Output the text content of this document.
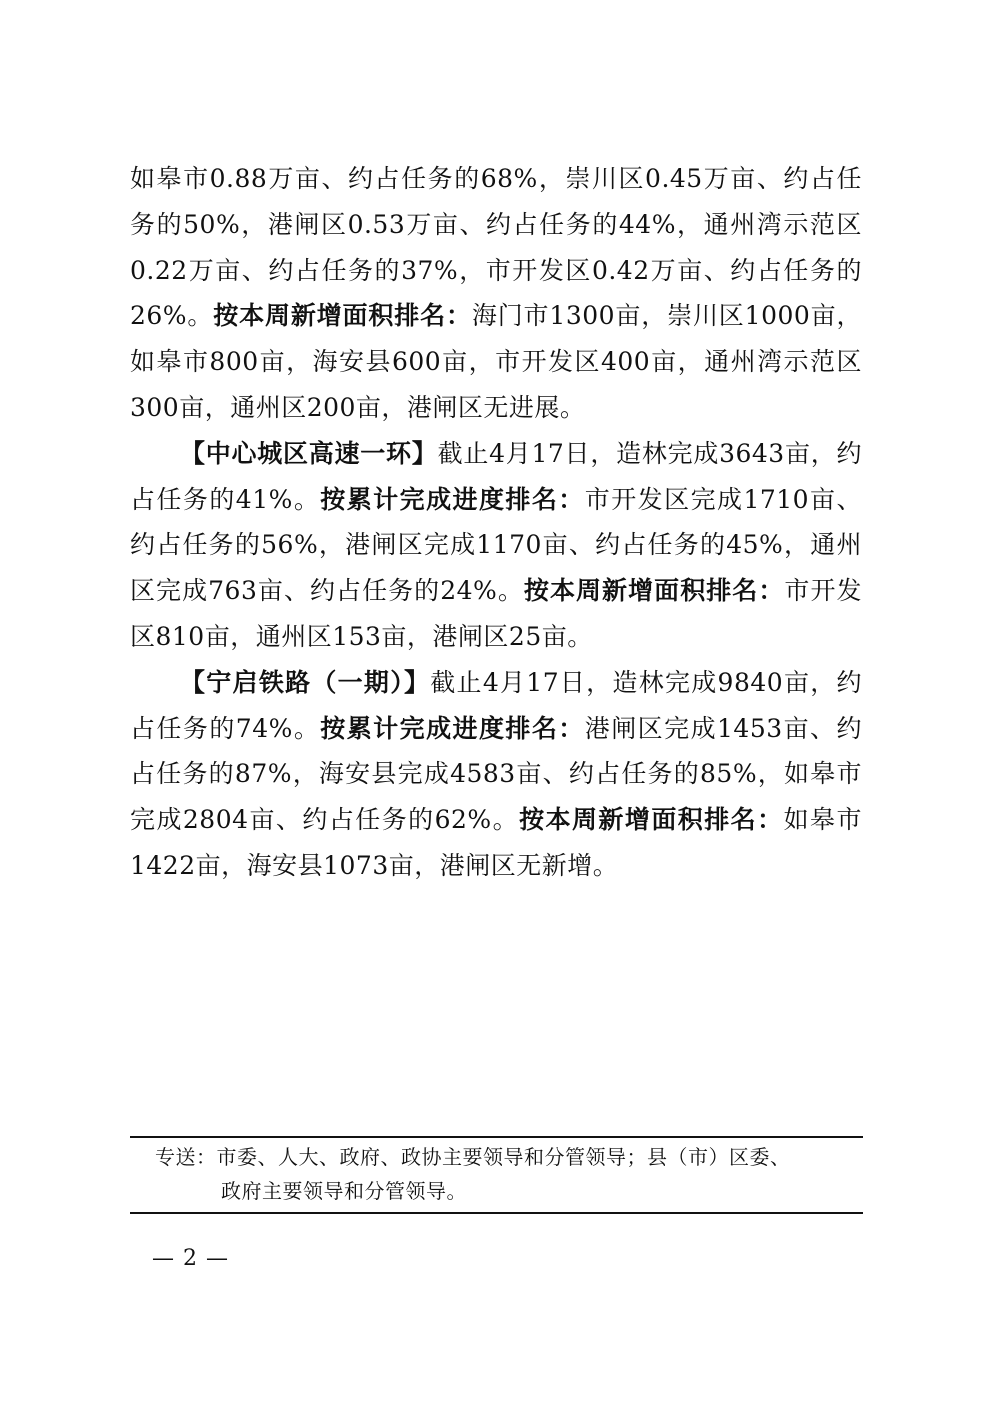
如皋市0.88万亩、约占任务的68%，崇川区0.45万亩、约占任务的50%，港闸区0.53万亩、约占任务的44%，通州湾示范区0.22万亩、约占任务的37%，市开发区0.42万亩、约占任务的26%。按本周新增面积排名：海门市1300亩，崇川区1000亩，如皋市800亩，海安县600亩，市开发区400亩，通州湾示范区300亩，通州区200亩，港闸区无进展。

【中心城区高速一环】截止4月17日，造林完成3643亩，约占任务的41%。按累计完成进度排名：市开发区完成1710亩、约占任务的56%，港闸区完成1170亩、约占任务的45%，通州区完成763亩、约占任务的24%。按本周新增面积排名：市开发区810亩，通州区153亩，港闸区25亩。

【宁启铁路（一期）】截止4月17日，造林完成9840亩，约占任务的74%。按累计完成进度排名：港闸区完成1453亩、约占任务的87%，海安县完成4583亩、约占任务的85%，如皋市完成2804亩、约占任务的62%。按本周新增面积排名：如皋市1422亩，海安县1073亩，港闸区无新增。

专送：市委、人大、政府、政协主要领导和分管领导；县（市）区委、
政府主要领导和分管领导。
— 2 —
